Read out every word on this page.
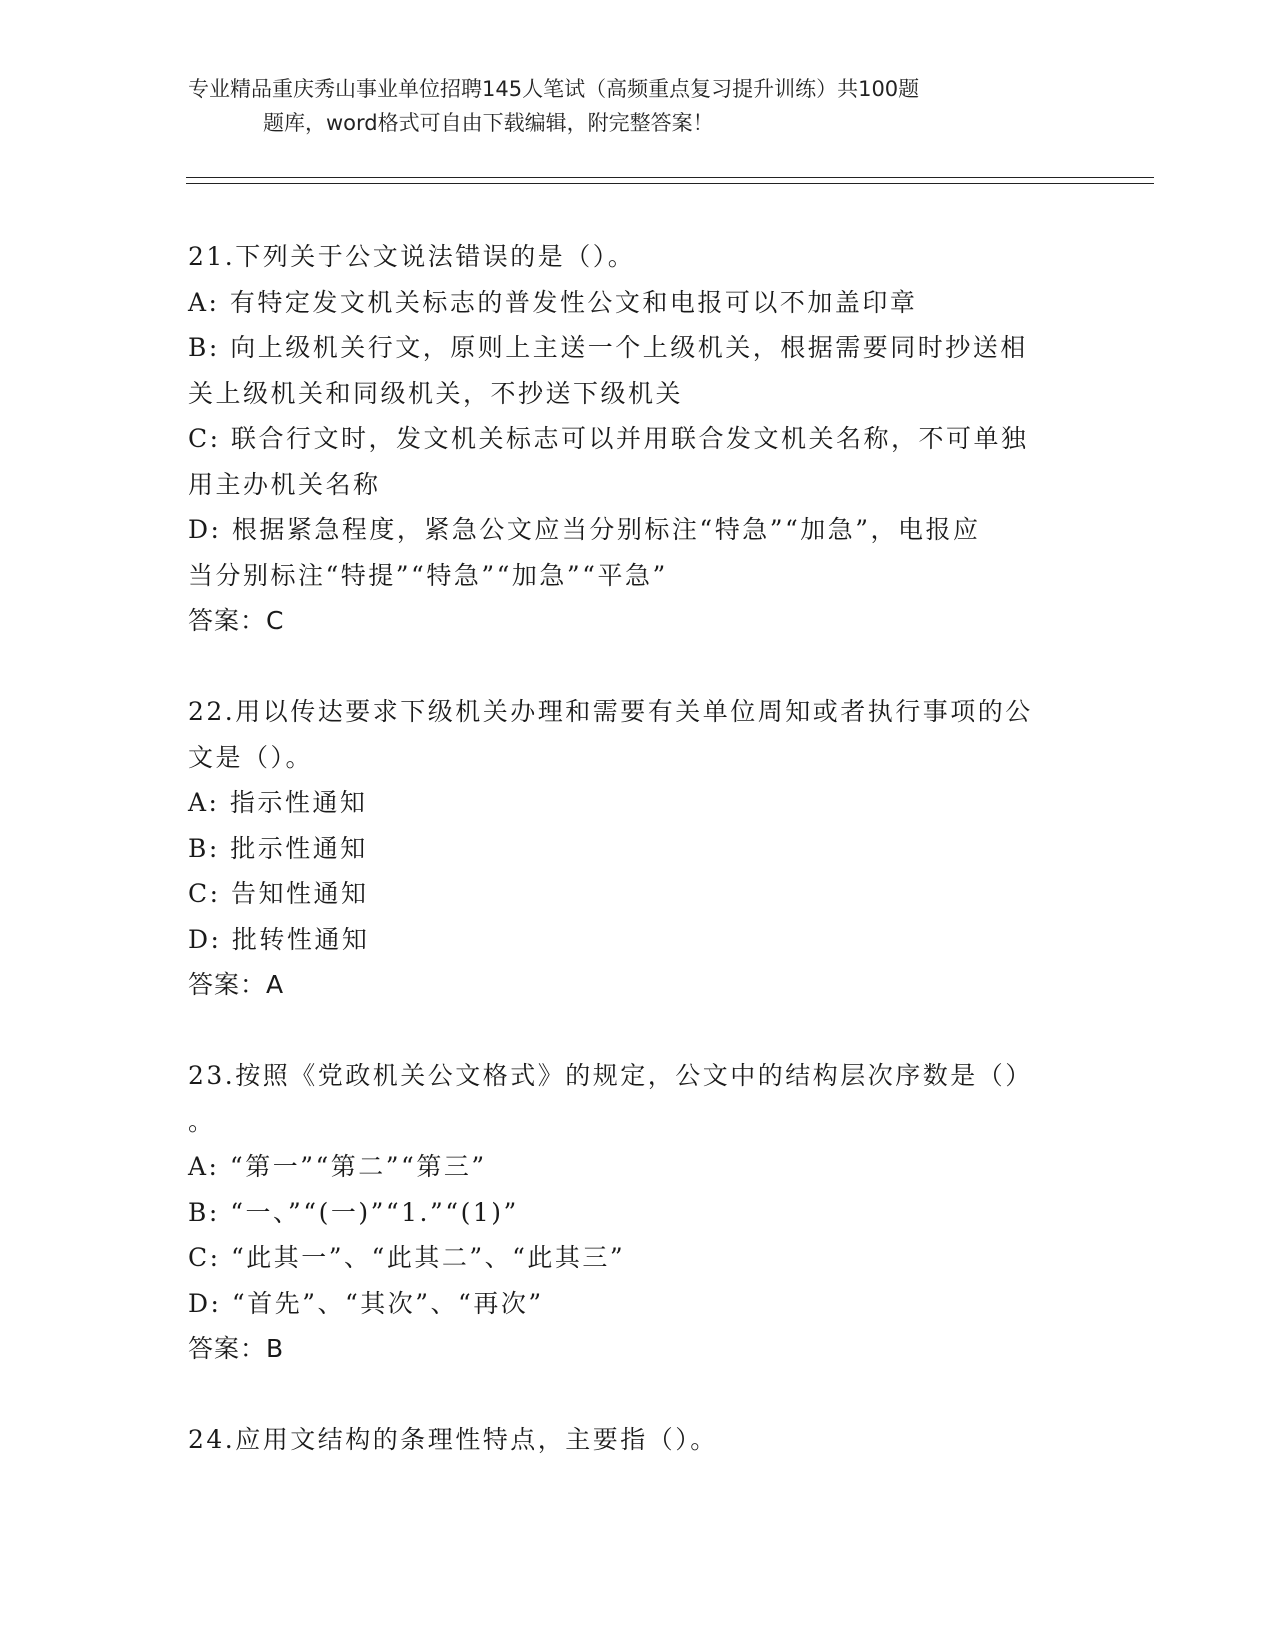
专业精品重庆秀山事业单位招聘145人笔试（高频重点复习提升训练）共100题
题库，word格式可自由下载编辑，附完整答案！

21.下列关于公文说法错误的是（）。

A: 有特定发文机关标志的普发性公文和电报可以不加盖印章

B: 向上级机关行文，原则上主送一个上级机关，根据需要同时抄送相

关上级机关和同级机关，不抄送下级机关

C: 联合行文时，发文机关标志可以并用联合发文机关名称，不可单独

用主办机关名称

D: 根据紧急程度，紧急公文应当分别标注“特急”“加急”，电报应

当分别标注“特提”“特急”“加急”“平急”

答案：C

22.用以传达要求下级机关办理和需要有关单位周知或者执行事项的公

文是（）。

A: 指示性通知

B: 批示性通知

C: 告知性通知

D: 批转性通知

答案：A

23.按照《党政机关公文格式》的规定，公文中的结构层次序数是（）

。

A: “第一”“第二”“第三”

B: “一、”“(一)”“1.”“(1)”

C: “此其一”、“此其二”、“此其三”

D: “首先”、“其次”、“再次”

答案：B

24.应用文结构的条理性特点，主要指（）。
